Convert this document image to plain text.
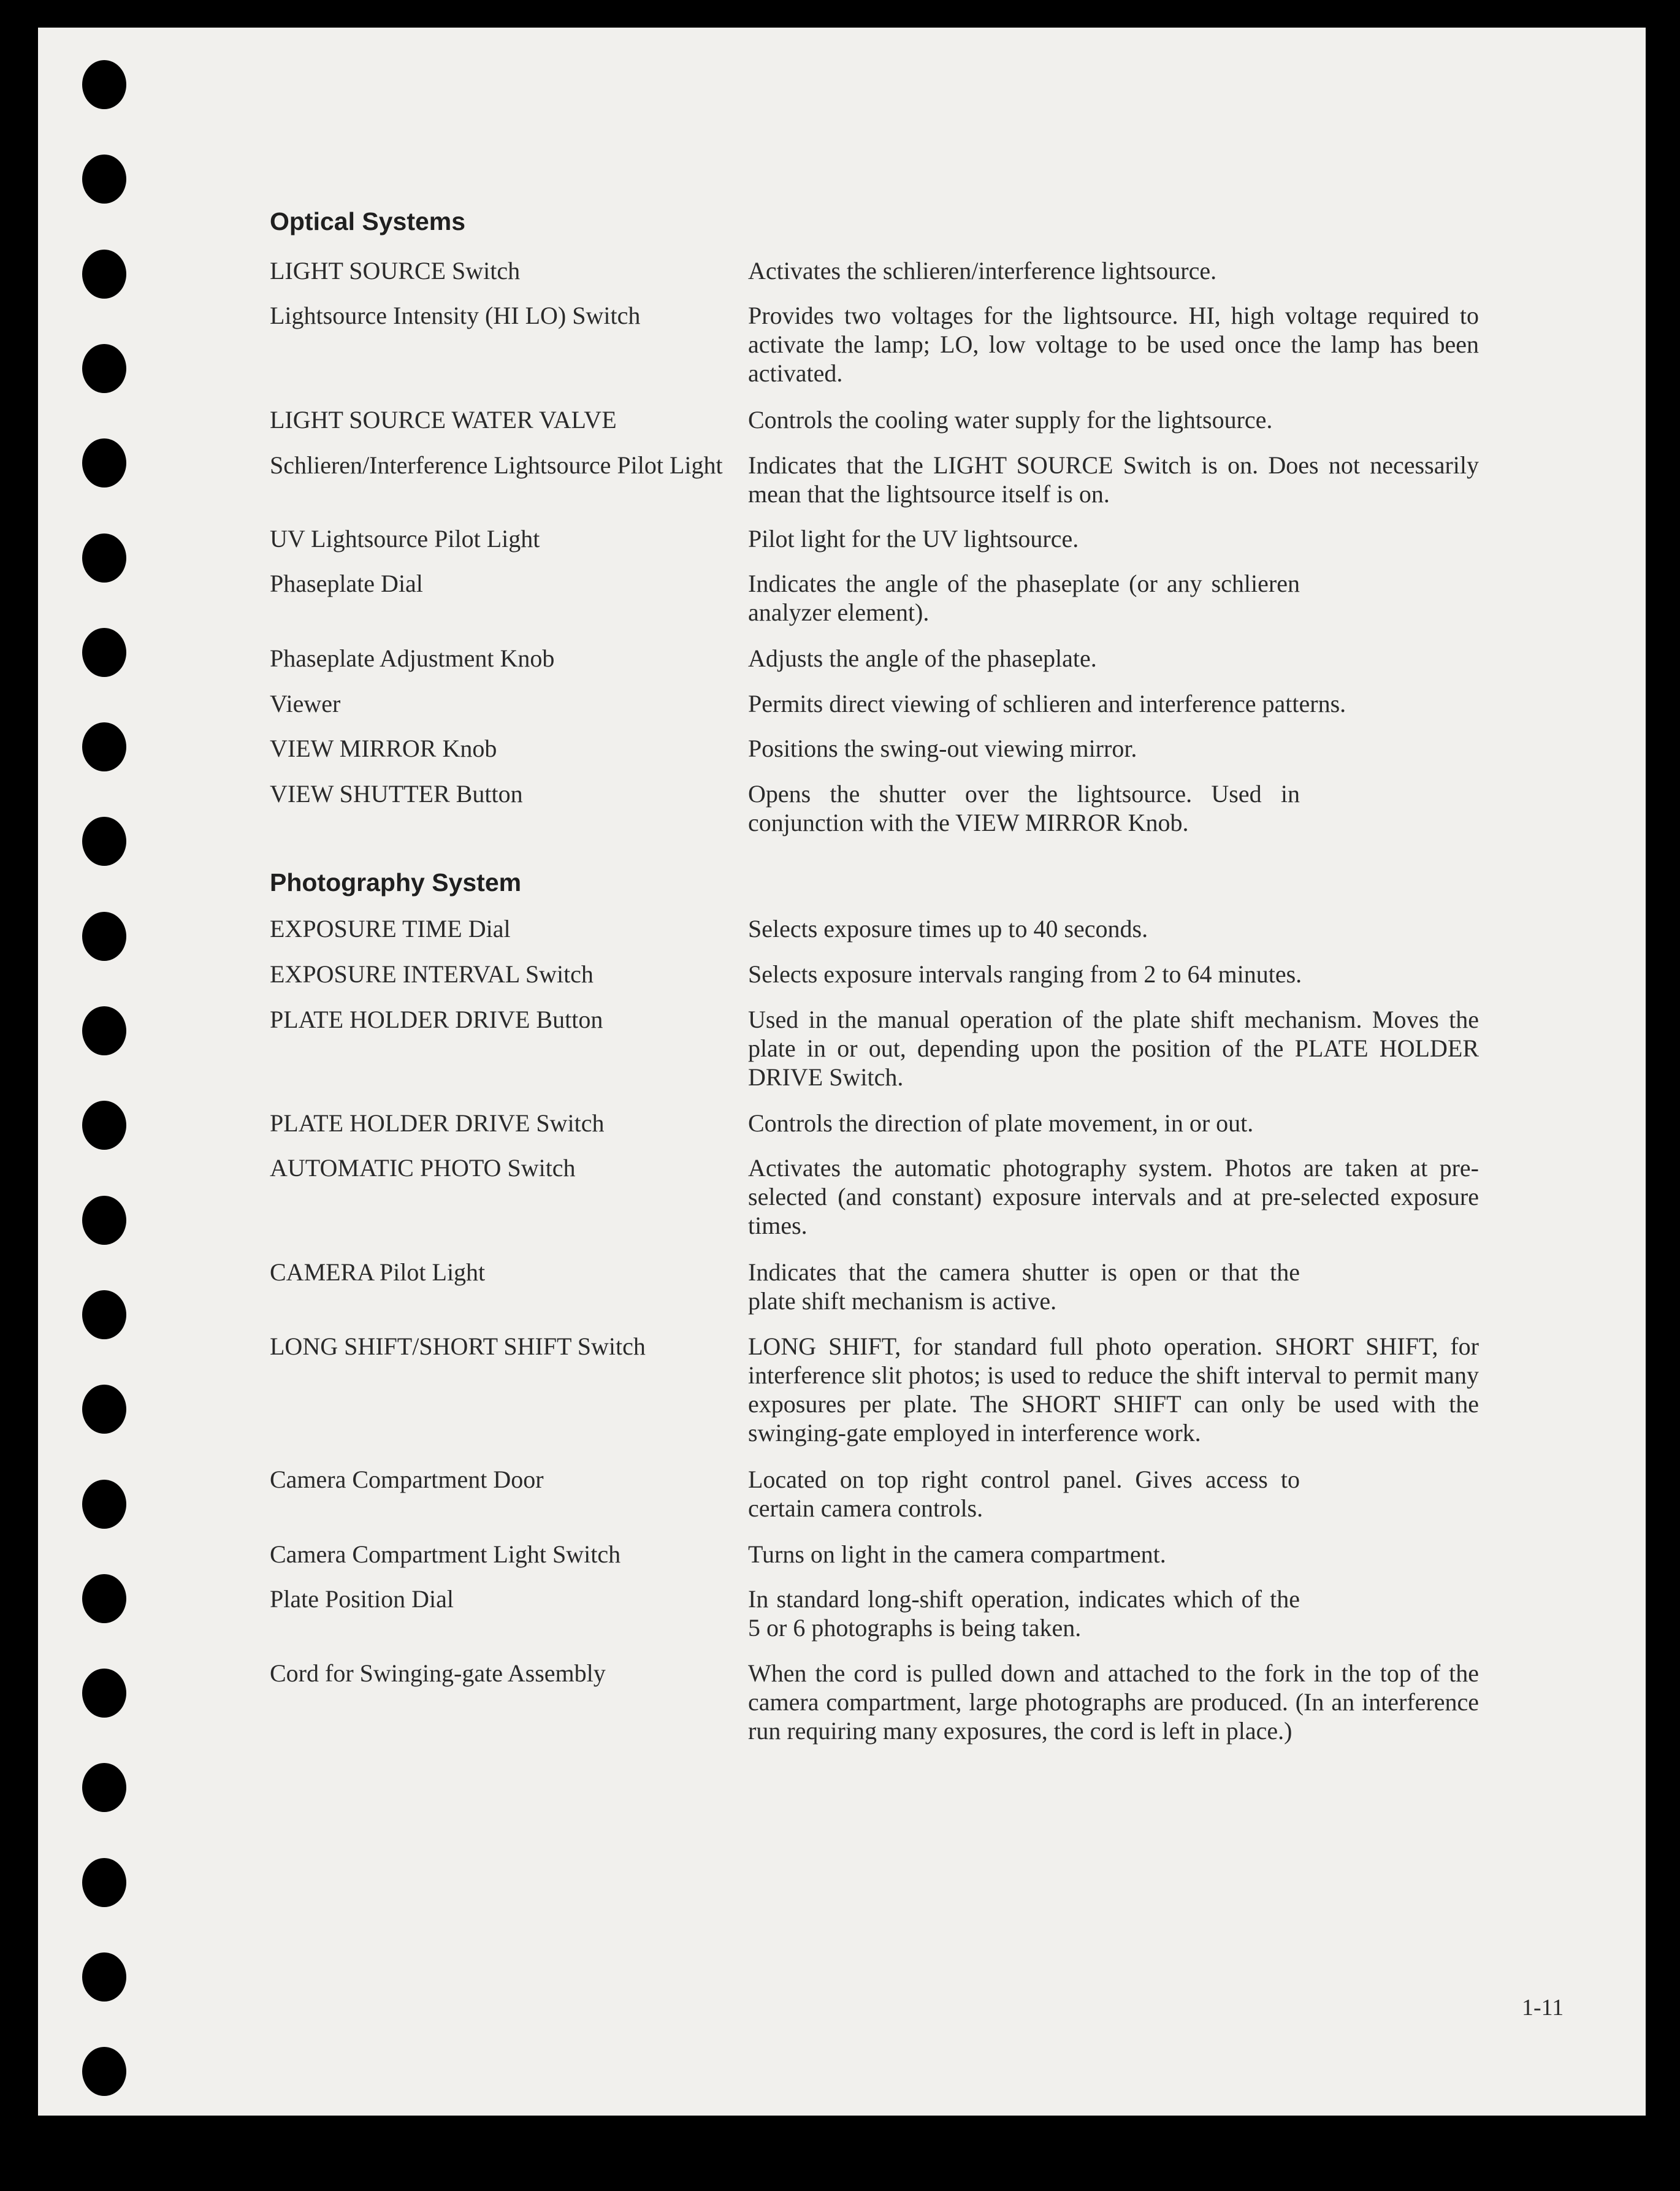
Optical Systems
LIGHT SOURCE Switch	Activates the schlieren/interference lightsource.
Lightsource Intensity (HI LO) Switch	Provides two voltages for the lightsource. HI, high voltage required to activate the lamp; LO, low voltage to be used once the lamp has been activated.
LIGHT SOURCE WATER VALVE	Controls the cooling water supply for the lightsource.
Schlieren/Interference Lightsource Pilot Light	Indicates that the LIGHT SOURCE Switch is on. Does not necessarily mean that the lightsource itself is on.
UV Lightsource Pilot Light	Pilot light for the UV lightsource.
Phaseplate Dial	Indicates the angle of the phaseplate (or any schlieren analyzer element).
Phaseplate Adjustment Knob	Adjusts the angle of the phaseplate.
Viewer	Permits direct viewing of schlieren and interference patterns.
VIEW MIRROR Knob	Positions the swing-out viewing mirror.
VIEW SHUTTER Button	Opens the shutter over the lightsource. Used in conjunction with the VIEW MIRROR Knob.
Photography System
EXPOSURE TIME Dial	Selects exposure times up to 40 seconds.
EXPOSURE INTERVAL Switch	Selects exposure intervals ranging from 2 to 64 minutes.
PLATE HOLDER DRIVE Button	Used in the manual operation of the plate shift mechanism. Moves the plate in or out, depending upon the position of the PLATE HOLDER DRIVE Switch.
PLATE HOLDER DRIVE Switch	Controls the direction of plate movement, in or out.
AUTOMATIC PHOTO Switch	Activates the automatic photography system. Photos are taken at pre-selected (and constant) exposure intervals and at pre-selected exposure times.
CAMERA Pilot Light	Indicates that the camera shutter is open or that the plate shift mechanism is active.
LONG SHIFT/SHORT SHIFT Switch	LONG SHIFT, for standard full photo operation. SHORT SHIFT, for interference slit photos; is used to reduce the shift interval to permit many exposures per plate. The SHORT SHIFT can only be used with the swinging-gate employed in interference work.
Camera Compartment Door	Located on top right control panel. Gives access to certain camera controls.
Camera Compartment Light Switch	Turns on light in the camera compartment.
Plate Position Dial	In standard long-shift operation, indicates which of the 5 or 6 photographs is being taken.
Cord for Swinging-gate Assembly	When the cord is pulled down and attached to the fork in the top of the camera compartment, large photographs are produced. (In an interference run requiring many exposures, the cord is left in place.)
1-11
